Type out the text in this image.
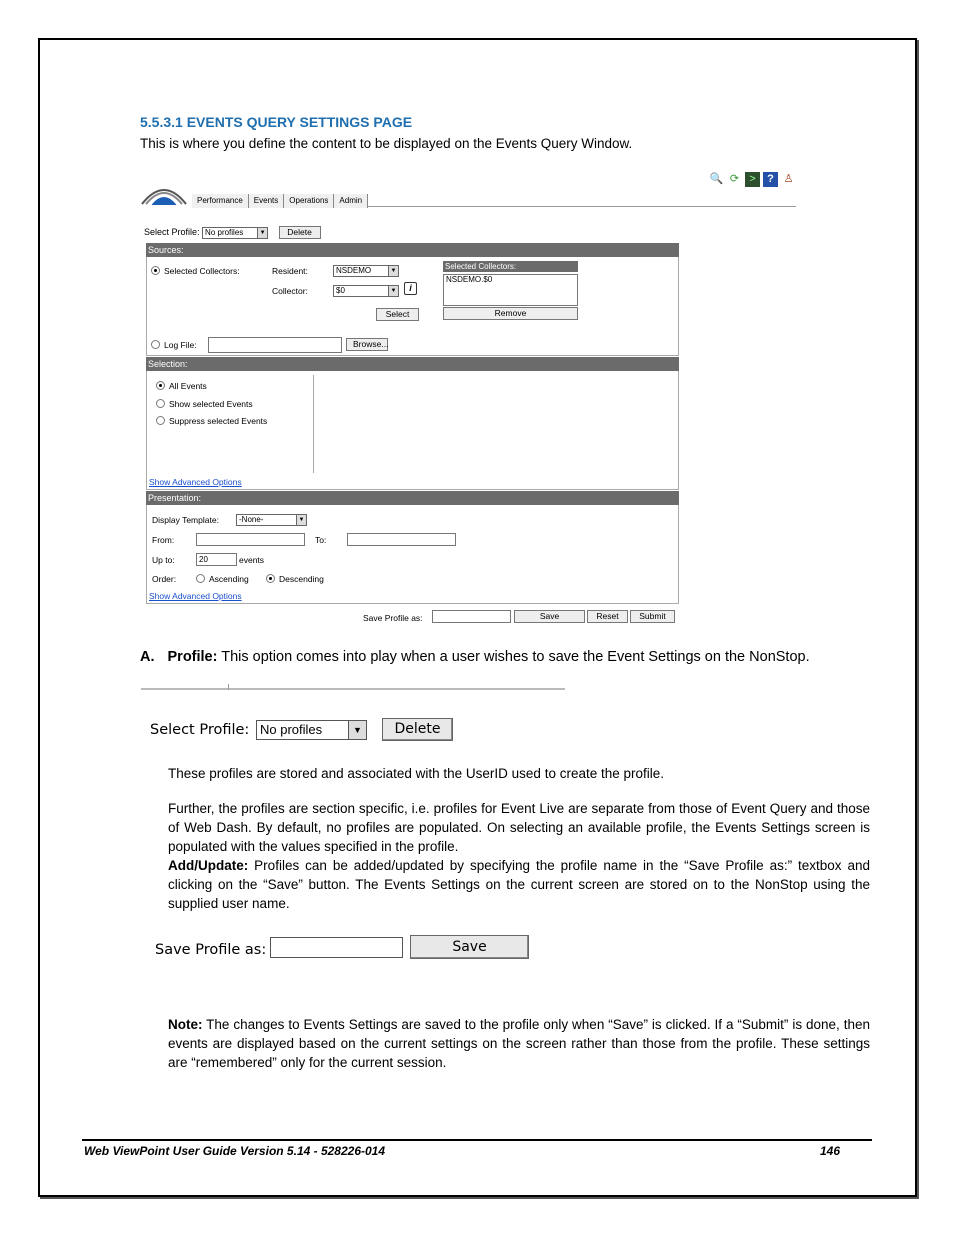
5.5.3.1 EVENTS QUERY SETTINGS PAGE
This is where you define the content to be displayed on the Events Query Window.
🔍 ⟳ >	? ♙
Performance	Events	Operations	Admin
Select Profile: No profiles	▼	Delete
Sources:
Selected Collectors:	Resident:	NSDEMO	▼
Collector:	$0	▼	i
Selected Collectors:
NSDEMO.$0
Remove
Select
Log File:	Browse...
Selection:
All Events
Show selected Events
Suppress selected Events
Show Advanced Options
Presentation:
Display Template:	-None-	▼
From:	To:
Up to:	20	events
Order:	Ascending	Descending
Show Advanced Options
Save Profile as:	Save	Reset	Submit
A. Profile: This option comes into play when a user wishes to save the Event Settings on the NonStop.
Select Profile: No profiles	▼	Delete
These profiles are stored and associated with the UserID used to create the profile.
Further, the profiles are section specific, i.e. profiles for Event Live are separate from those of Event Query and those of Web Dash. By default, no profiles are populated. On selecting an available profile, the Events Settings screen is populated with the values specified in the profile.
Add/Update: Profiles can be added/updated by specifying the profile name in the “Save Profile as:” textbox and clicking on the “Save” button. The Events Settings on the current screen are stored on to the NonStop using the supplied user name.
Save Profile as:	Save
Note: The changes to Events Settings are saved to the profile only when “Save” is clicked. If a “Submit” is done, then events are displayed based on the current settings on the screen rather than those from the profile. These settings are “remembered” only for the current session.
Web ViewPoint User Guide Version 5.14 - 528226-014	146
